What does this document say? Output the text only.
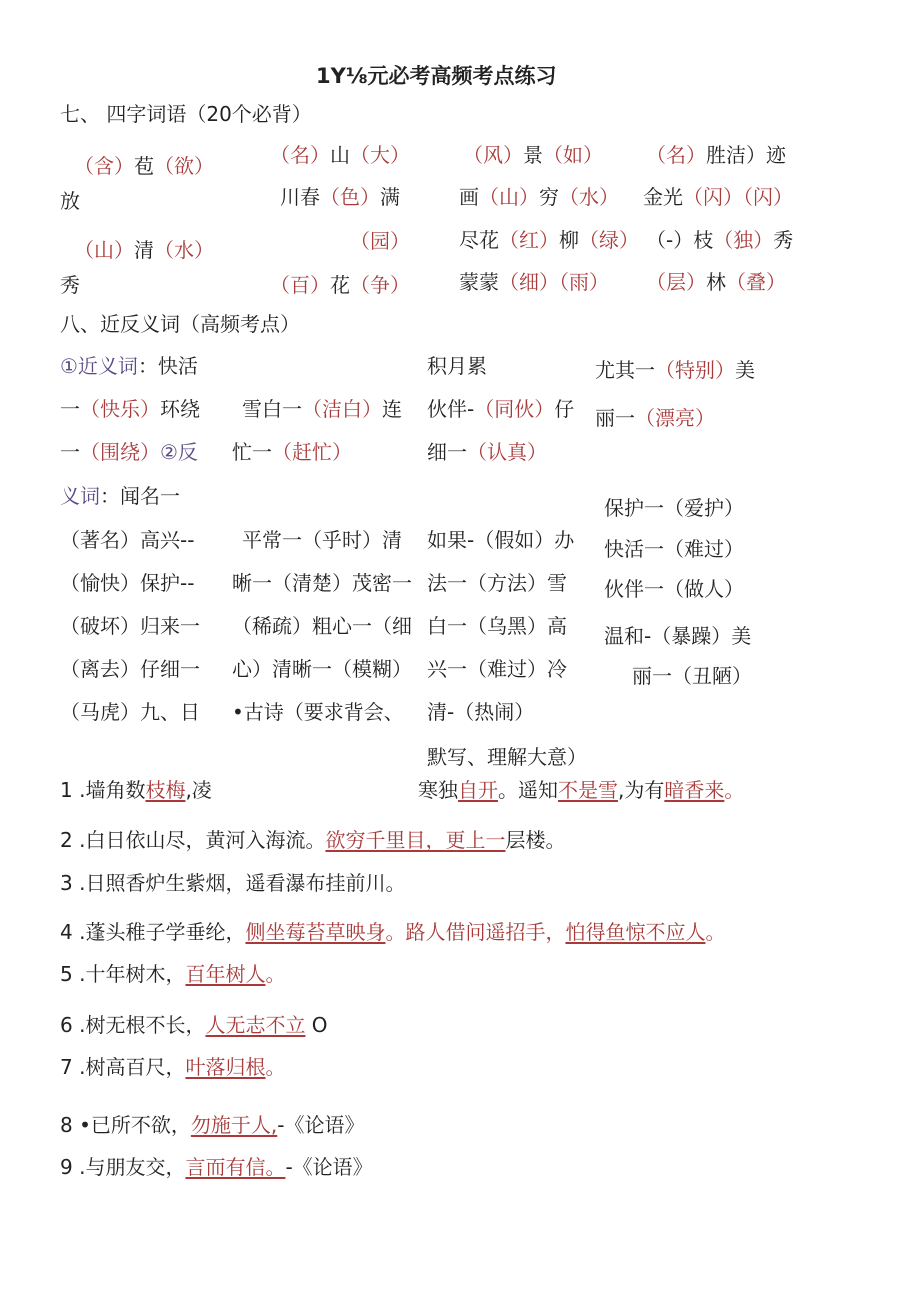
1Y⅛元必考高频考点练习
七、 四字词语（20个必背）
（含）苞（欲）
放
（山）清（水）
秀
（名）山（大）
川春（色）满
（园）
（百）花（争）
（风）景（如）
画（山）穷（水）
尽花（红）柳（绿）
蒙蒙（细）（雨）
（名）胜洁）迹
金光（闪）（闪）
（-）枝（独）秀
（层）林（叠）
八、近反义词（高频考点）
①近义词：快活
一（快乐）环绕
一（围绕）②反
义词：闻名一
（著名）高兴--
（愉快）保护--
（破坏）归来一
（离去）仔细一
（马虎）九、日
雪白一（洁白）连
忙一（赶忙）
平常一（乎时）清
晰一（清楚）茂密一
（稀疏）粗心一（细
心）清晰一（模糊）
•古诗（要求背会、
积月累
伙伴-（同伙）仔
细一（认真）
如果-（假如）办
法一（方法）雪
白一（乌黑）高
兴一（难过）冷
清-（热闹）
默写、理解大意）
尤其一（特别）美
丽一（漂亮）
保护一（爱护）
快活一（难过）
伙伴一（做人）
温和-（暴躁）美
丽一（丑陋）
1 .墙角数枝梅,凌	寒独自开。遥知不是雪,为有暗香来。
2 .白日依山尽，黄河入海流。欲穷千里目，更上一层楼。
3 .日照香炉生紫烟，遥看瀑布挂前川。
4 .蓬头稚子学垂纶，侧坐莓苔草映身。路人借问遥招手，怕得鱼惊不应人。
5 .十年树木，百年树人。
6 .树无根不长，人无志不立 O
7 .树高百尺，叶落归根。
8 •已所不欲，勿施于人,-《论语》
9 .与朋友交，言而有信。-《论语》
